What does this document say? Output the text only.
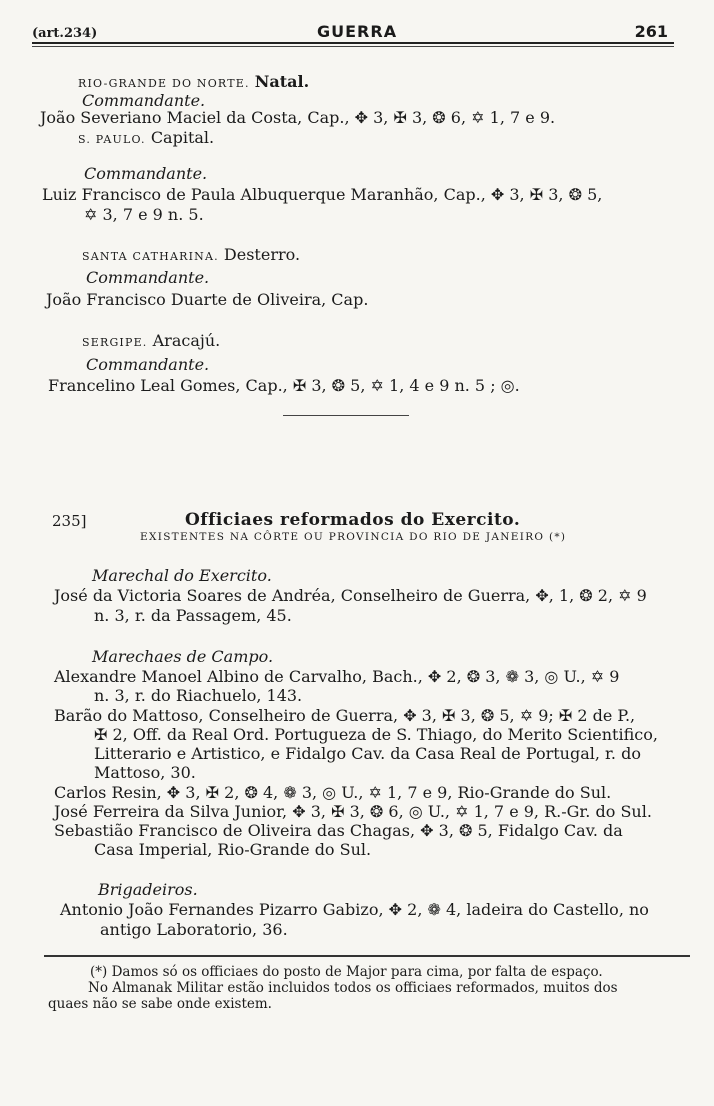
(art.234)	GUERRA	261
RIO-GRANDE DO NORTE. Natal.
Commandante.
João Severiano Maciel da Costa, Cap., ✥ 3, ✠ 3, ❂ 6, ✡ 1, 7 e 9.
S. PAULO. Capital.
Commandante.
Luiz Francisco de Paula Albuquerque Maranhão, Cap., ✥ 3, ✠ 3, ❂ 5,
✡ 3, 7 e 9 n. 5.
SANTA CATHARINA. Desterro.
Commandante.
João Francisco Duarte de Oliveira, Cap.
SERGIPE. Aracajú.
Commandante.
Francelino Leal Gomes, Cap., ✠ 3, ❂ 5, ✡ 1, 4 e 9 n. 5 ; ◎.
235]	Officiaes reformados do Exercito.
EXISTENTES NA CÔRTE OU PROVINCIA DO RIO DE JANEIRO (*)
Marechal do Exercito.
José da Victoria Soares de Andréa, Conselheiro de Guerra, ✥, 1, ❂ 2, ✡ 9
n. 3, r. da Passagem, 45.
Marechaes de Campo.
Alexandre Manoel Albino de Carvalho, Bach., ✥ 2, ❂ 3, ❁ 3, ◎ U., ✡ 9
n. 3, r. do Riachuelo, 143.
Barão do Mattoso, Conselheiro de Guerra, ✥ 3, ✠ 3, ❂ 5, ✡ 9; ✠ 2 de P.,
✠ 2, Off. da Real Ord. Portugueza de S. Thiago, do Merito Scientifico,
Litterario e Artistico, e Fidalgo Cav. da Casa Real de Portugal, r. do
Mattoso, 30.
Carlos Resin, ✥ 3, ✠ 2, ❂ 4, ❁ 3, ◎ U., ✡ 1, 7 e 9, Rio-Grande do Sul.
José Ferreira da Silva Junior, ✥ 3, ✠ 3, ❂ 6, ◎ U., ✡ 1, 7 e 9, R.-Gr. do Sul.
Sebastião Francisco de Oliveira das Chagas, ✥ 3, ❂ 5, Fidalgo Cav. da
Casa Imperial, Rio-Grande do Sul.
Brigadeiros.
Antonio João Fernandes Pizarro Gabizo, ✥ 2, ❁ 4, ladeira do Castello, no
antigo Laboratorio, 36.
(*) Damos só os officiaes do posto de Major para cima, por falta de espaço.
No Almanak Militar estão incluidos todos os officiaes reformados, muitos dos
quaes não se sabe onde existem.
